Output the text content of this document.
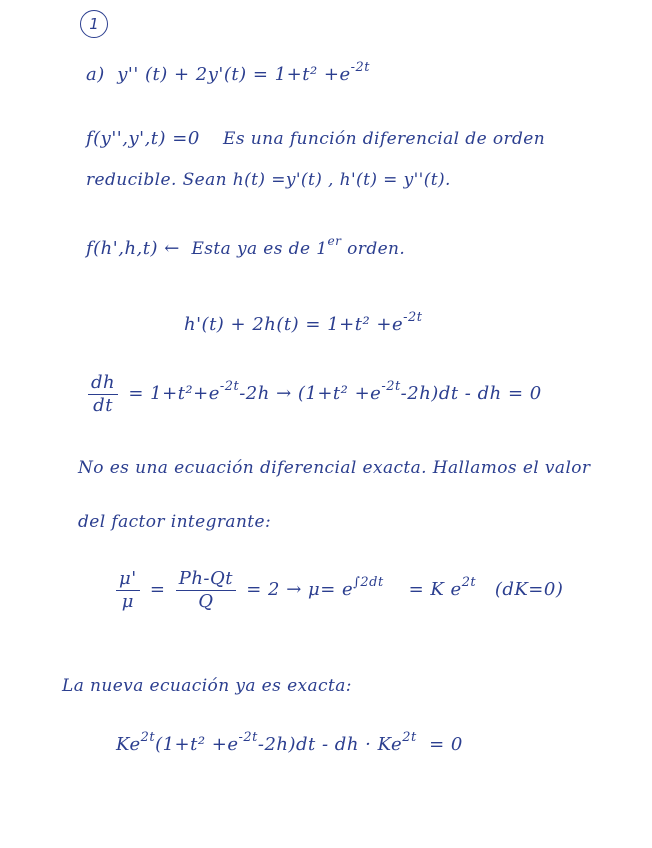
1
a) y'' $(t) + 2y'(t) = 1+t^2 +e^{-2t}$
f(y'',y',t) =0 Es una función diferencial de orden
reducible. Sean h(t) =y'(t) , h'(t) = y''(t).
f(h',h,t) ← Esta ya es de 1er orden.
$h'(t) + 2h(t) = 1+t^2 +e^{-2t}$
$\frac{dh}{dt} = 1+t^2+e^{-2t}-2h \to (1+t^2 +e^{-2t}-2h)dt$ - dh = 0
No es una ecuación diferencial exacta. Hallamos el valor
del factor integrante:
$\frac{\mu'}{\mu} = \frac{Ph-Qt}{Q} = 2 \to \mu= e^{\int 2dt} = K$ $e^{2t}$ (dK=0)
La nueva ecuación ya es exacta:
$Ke^{2t}(1+t^2 +e^{-2t}-2h)dt$ - dh · $Ke^{2t} = 0$
